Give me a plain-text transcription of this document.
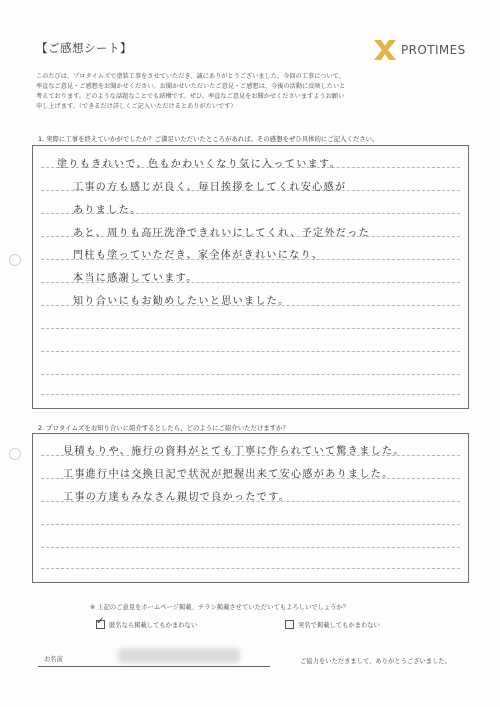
【ご感想シート】	PROTIMES
このたびは、プロタイムズで塗装工事をさせていただき、誠にありがとうございました。今回の工事について、
率直なご意見・ご感想をお聞かせください。お聞かせいただいたご意見・ご感想は、今後の活動に反映したいと
考えております。どのような話題なことでも結構です。ぜひ、率直なご意見をお聞かせくださいますようお願い
申し上げます。（できるだけ詳しくご記入いただけるとありがたいです）
1. 実際に工事を終えていかがでしたか？ご満足いただいたところがあれば、その感想をぜひ具体的にご記入ください。
塗りもきれいで、色もかわいくなり気に入っています。
工事の方も感じが良く、毎日挨拶をしてくれ安心感が
ありました。
あと、周りも高圧洗浄できれいにしてくれ、予定外だった
門柱も塗っていただき、家全体がきれいになり、
本当に感謝しています。
知り合いにもお勧めしたいと思いました。
2. プロタイムズをお知り合いに紹介するとしたら、どのようにご紹介いただけますか？
見積もりや、施行の資料がとても丁寧に作られていて驚きました。
工事進行中は交換日記で状況が把握出来て安心感がありました。
工事の方達もみなさん親切で良かったです。
※ 上記のご意見をホームページ掲載、チラシ掲載させていただいてもよろしいでしょうか？
✓ 匿名なら掲載してもかまわない	実名で掲載してもかまわない
お名前	ご協力をいただきまして、ありがとうございました。
